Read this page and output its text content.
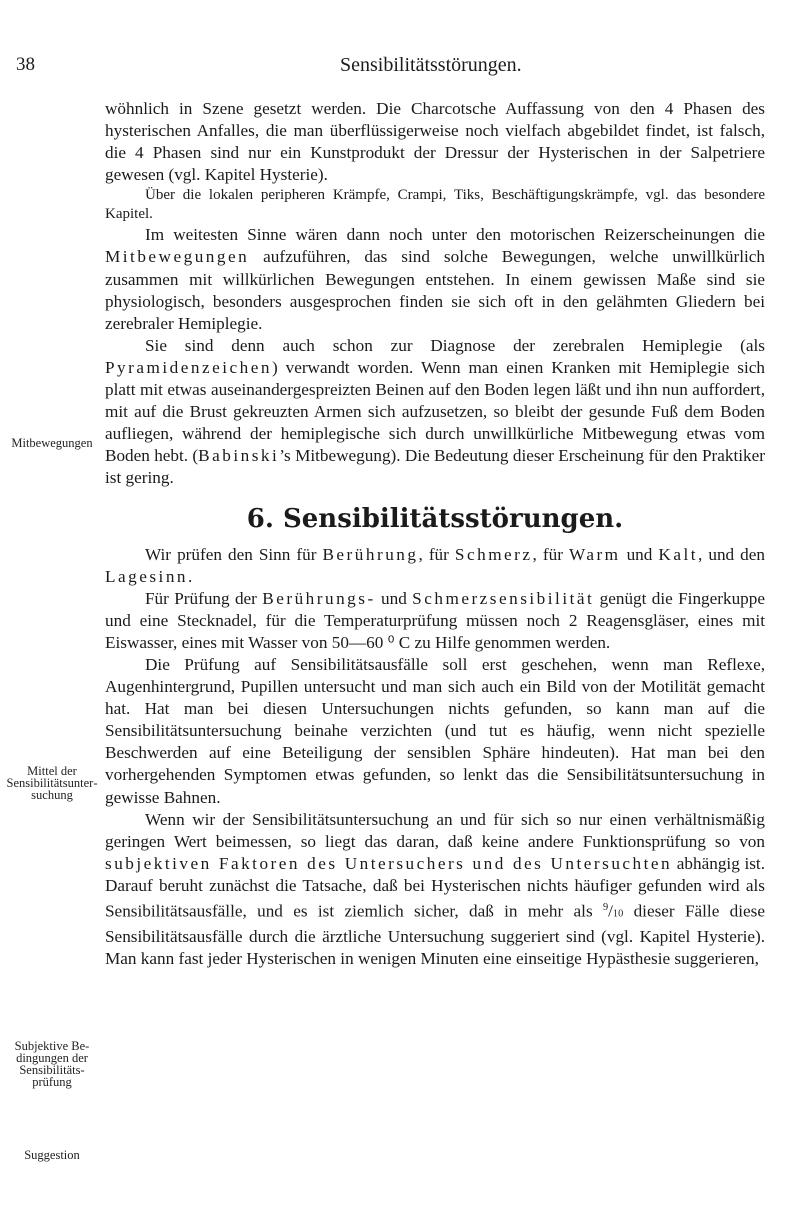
38	Sensibilitätsstörungen.
Mitbewegungen
Mittel der Sensibilitätsuntersuchung
Subjektive Bedingungen der Sensibilitätsprüfung
Suggestion

wöhnlich in Szene gesetzt werden. Die Charcotsche Auffassung von den 4 Phasen des hysterischen Anfalles, die man überflüssigerweise noch vielfach abgebildet findet, ist falsch, die 4 Phasen sind nur ein Kunstprodukt der Dressur der Hysterischen in der Salpetriere gewesen (vgl. Kapitel Hysterie).

Über die lokalen peripheren Krämpfe, Crampi, Tiks, Beschäftigungskrämpfe, vgl. das besondere Kapitel.

Im weitesten Sinne wären dann noch unter den motorischen Reizerscheinungen die Mitbewegungen aufzuführen, das sind solche Bewegungen, welche unwillkürlich zusammen mit willkürlichen Bewegungen entstehen. In einem gewissen Maße sind sie physiologisch, besonders ausgesprochen finden sie sich oft in den gelähmten Gliedern bei zerebraler Hemiplegie.

Sie sind denn auch schon zur Diagnose der zerebralen Hemiplegie (als Pyramidenzeichen) verwandt worden. Wenn man einen Kranken mit Hemiplegie sich platt mit etwas auseinandergespreizten Beinen auf den Boden legen läßt und ihn nun auffordert, mit auf die Brust gekreuzten Armen sich aufzusetzen, so bleibt der gesunde Fuß dem Boden aufliegen, während der hemiplegische sich durch unwillkürliche Mitbewegung etwas vom Boden hebt. (Babinski’s Mitbewegung). Die Bedeutung dieser Erscheinung für den Praktiker ist gering.

6. Sensibilitätsstörungen.

Wir prüfen den Sinn für Berührung, für Schmerz, für Warm und Kalt, und den Lagesinn.

Für Prüfung der Berührungs- und Schmerzsensibilität genügt die Fingerkuppe und eine Stecknadel, für die Temperaturprüfung müssen noch 2 Reagensgläser, eines mit Eiswasser, eines mit Wasser von 50—60 ⁰ C zu Hilfe genommen werden.

Die Prüfung auf Sensibilitätsausfälle soll erst geschehen, wenn man Reflexe, Augenhintergrund, Pupillen untersucht und man sich auch ein Bild von der Motilität gemacht hat. Hat man bei diesen Untersuchungen nichts gefunden, so kann man auf die Sensibilitätsuntersuchung beinahe verzichten (und tut es häufig, wenn nicht spezielle Beschwerden auf eine Beteiligung der sensiblen Sphäre hindeuten). Hat man bei den vorhergehenden Symptomen etwas gefunden, so lenkt das die Sensibilitätsuntersuchung in gewisse Bahnen.

Wenn wir der Sensibilitätsuntersuchung an und für sich so nur einen verhältnismäßig geringen Wert beimessen, so liegt das daran, daß keine andere Funktionsprüfung so von subjektiven Faktoren des Untersuchers und des Untersuchten abhängig ist. Darauf beruht zunächst die Tatsache, daß bei Hysterischen nichts häufiger gefunden wird als Sensibilitätsausfälle, und es ist ziemlich sicher, daß in mehr als $^9$/10 dieser Fälle diese Sensibilitätsausfälle durch die ärztliche Untersuchung suggeriert sind (vgl. Kapitel Hysterie). Man kann fast jeder Hysterischen in wenigen Minuten eine einseitige Hypästhesie suggerieren,
